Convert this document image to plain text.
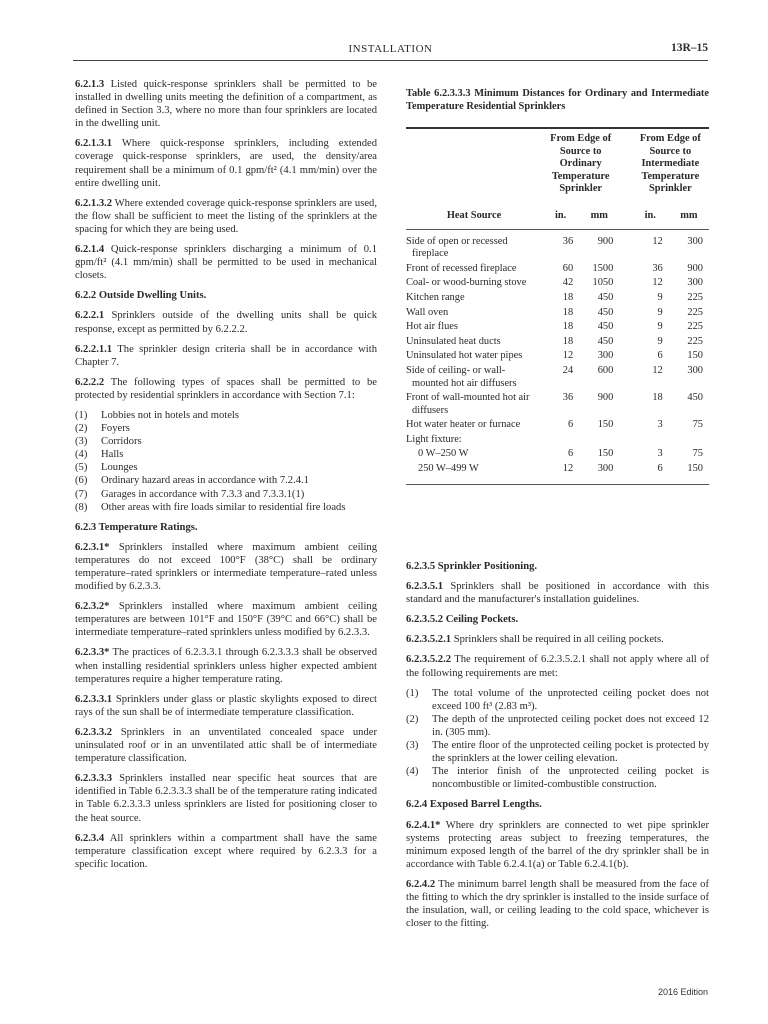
INSTALLATION	13R–15

6.2.1.3 Listed quick-response sprinklers shall be permitted to be installed in dwelling units meeting the definition of a compartment, as defined in Section 3.3, where no more than four sprinklers are located in the dwelling unit.

6.2.1.3.1 Where quick-response sprinklers, including extended coverage quick-response sprinklers, are used, the density/area requirement shall be a minimum of 0.1 gpm/ft² (4.1 mm/min) over the entire dwelling unit.

6.2.1.3.2 Where extended coverage quick-response sprinklers are used, the flow shall be sufficient to meet the listing of the sprinklers at the spacing for which they are being used.

6.2.1.4 Quick-response sprinklers discharging a minimum of 0.1 gpm/ft² (4.1 mm/min) shall be permitted to be used in mechanical closets.

6.2.2 Outside Dwelling Units.

6.2.2.1 Sprinklers outside of the dwelling units shall be quick response, except as permitted by 6.2.2.2.

6.2.2.1.1 The sprinkler design criteria shall be in accordance with Chapter 7.

6.2.2.2 The following types of spaces shall be permitted to be protected by residential sprinklers in accordance with Section 7.1:

(1) Lobbies not in hotels and motels
(2) Foyers
(3) Corridors
(4) Halls
(5) Lounges
(6) Ordinary hazard areas in accordance with 7.2.4.1
(7) Garages in accordance with 7.3.3 and 7.3.3.1(1)
(8) Other areas with fire loads similar to residential fire loads
6.2.3 Temperature Ratings.

6.2.3.1* Sprinklers installed where maximum ambient ceiling temperatures do not exceed 100°F (38°C) shall be ordinary temperature–rated sprinklers or intermediate temperature–rated unless modified by 6.2.3.3.

6.2.3.2* Sprinklers installed where maximum ambient ceiling temperatures are between 101°F and 150°F (39°C and 66°C) shall be intermediate temperature–rated sprinklers unless modified by 6.2.3.3.

6.2.3.3* The practices of 6.2.3.3.1 through 6.2.3.3.3 shall be observed when installing residential sprinklers unless higher expected ambient temperatures require a higher temperature rating.

6.2.3.3.1 Sprinklers under glass or plastic skylights exposed to direct rays of the sun shall be of intermediate temperature classification.

6.2.3.3.2 Sprinklers in an unventilated concealed space under uninsulated roof or in an unventilated attic shall be of intermediate temperature classification.

6.2.3.3.3 Sprinklers installed near specific heat sources that are identified in Table 6.2.3.3.3 shall be of the temperature rating indicated in Table 6.2.3.3.3 unless sprinklers are listed for positioning closer to the heat source.

6.2.3.4 All sprinklers within a compartment shall have the same temperature classification except where required by 6.2.3.3 for a specific location.

Table 6.2.3.3.3 Minimum Distances for Ordinary and Intermediate Temperature Residential Sprinklers
	From Edge of Source to Ordinary Temperature Sprinkler			From Edge of Source to Intermediate Temperature Sprinkler	
Heat Source	in.	mm		in.	mm
Side of open or recessed fireplace	36	900		12	300
Front of recessed fireplace	60	1500		36	900
Coal- or wood-burning stove	42	1050		12	300
Kitchen range	18	450		9	225
Wall oven	18	450		9	225
Hot air flues	18	450		9	225
Uninsulated heat ducts	18	450		9	225
Uninsulated hot water pipes	12	300		6	150
Side of ceiling- or wall-mounted hot air diffusers	24	600		12	300
Front of wall-mounted hot air diffusers	36	900		18	450
Hot water heater or furnace	6	150		3	75
Light fixture:					
0 W–250 W	6	150		3	75
250 W–499 W	12	300		6	150
6.2.3.5 Sprinkler Positioning.

6.2.3.5.1 Sprinklers shall be positioned in accordance with this standard and the manufacturer's installation guidelines.

6.2.3.5.2 Ceiling Pockets.

6.2.3.5.2.1 Sprinklers shall be required in all ceiling pockets.

6.2.3.5.2.2 The requirement of 6.2.3.5.2.1 shall not apply where all of the following requirements are met:

(1) The total volume of the unprotected ceiling pocket does not exceed 100 ft³ (2.83 m³).
(2) The depth of the unprotected ceiling pocket does not exceed 12 in. (305 mm).
(3) The entire floor of the unprotected ceiling pocket is protected by the sprinklers at the lower ceiling elevation.
(4) The interior finish of the unprotected ceiling pocket is noncombustible or limited-combustible construction.
6.2.4 Exposed Barrel Lengths.

6.2.4.1* Where dry sprinklers are connected to wet pipe sprinkler systems protecting areas subject to freezing temperatures, the minimum exposed length of the barrel of the dry sprinkler shall be in accordance with Table 6.2.4.1(a) or Table 6.2.4.1(b).

6.2.4.2 The minimum barrel length shall be measured from the face of the fitting to which the dry sprinkler is installed to the inside surface of the insulation, wall, or ceiling leading to the cold space, whichever is closer to the fitting.

2016 Edition
